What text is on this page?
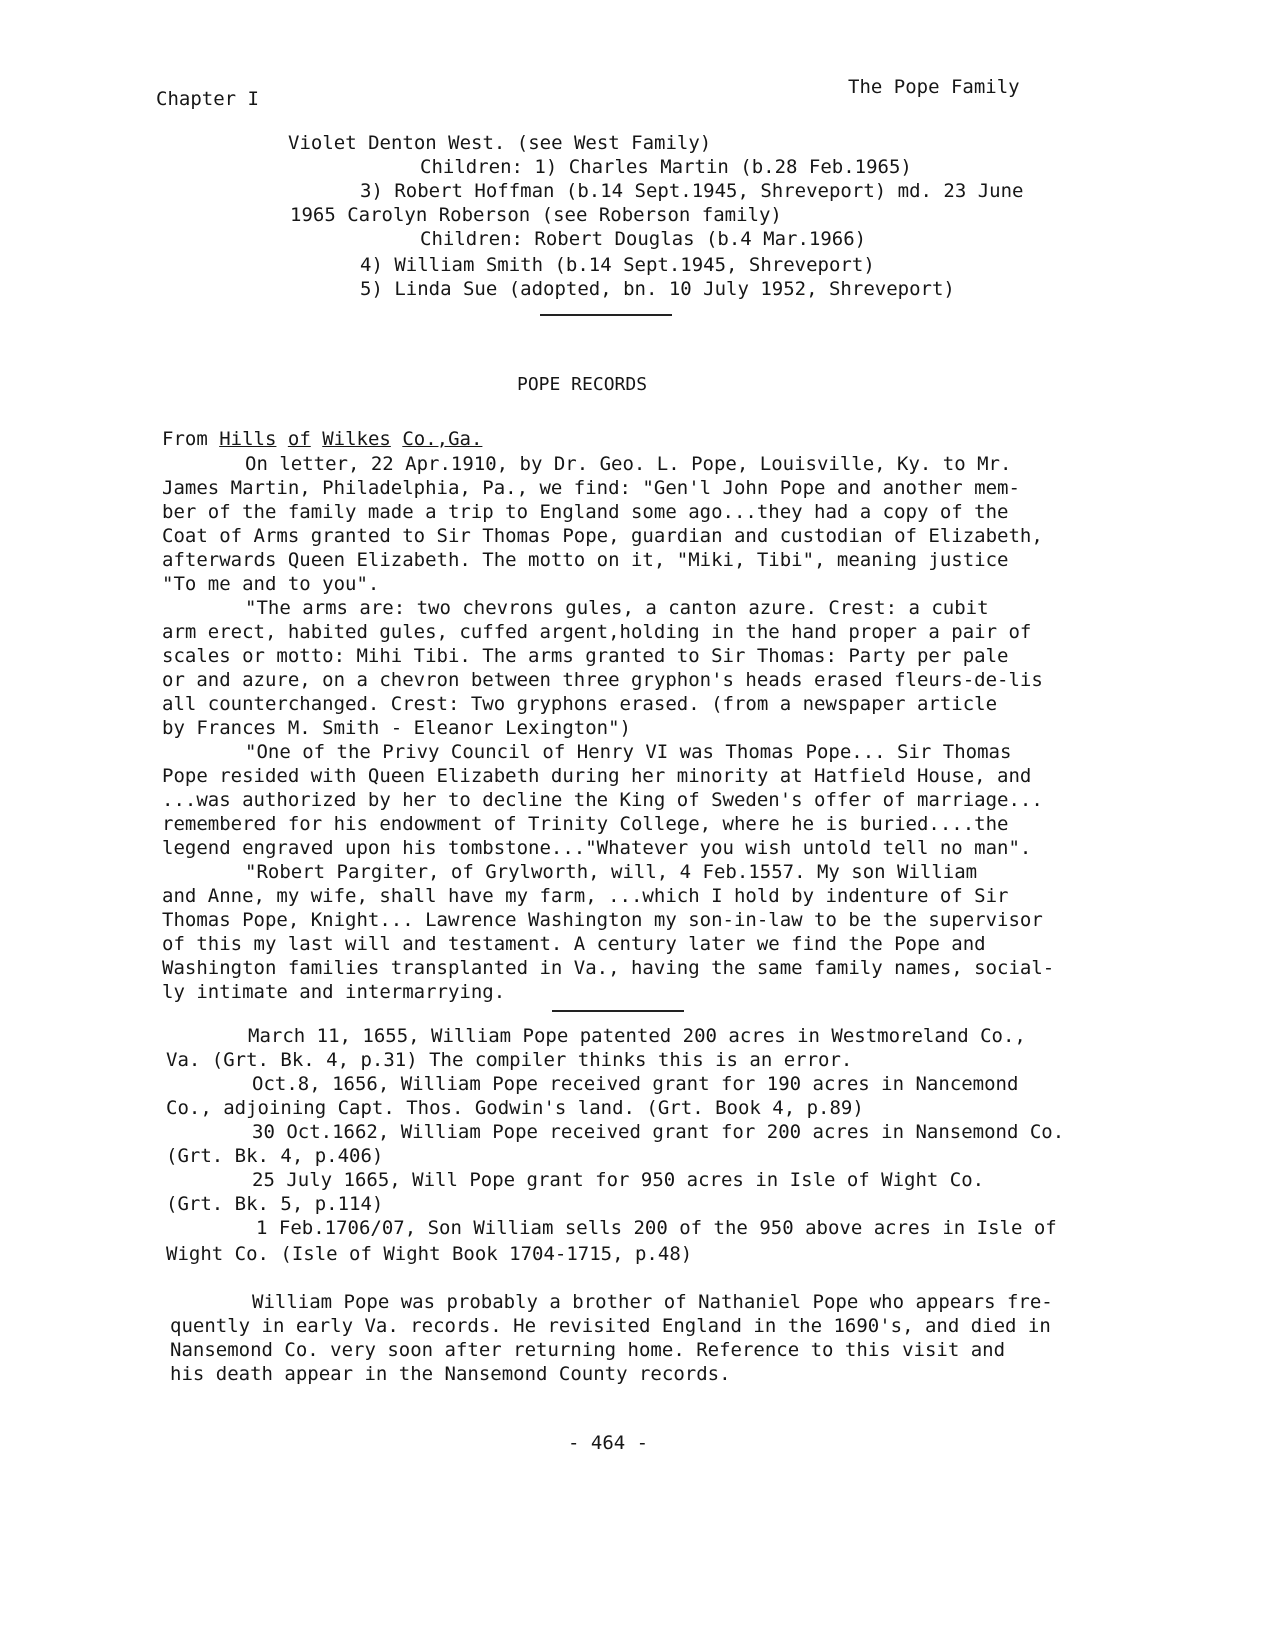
Chapter I
The Pope Family
Violet Denton West. (see West Family)
Children: 1) Charles Martin (b.28 Feb.1965)
3) Robert Hoffman (b.14 Sept.1945, Shreveport) md. 23 June
1965 Carolyn Roberson (see Roberson family)
Children: Robert Douglas (b.4 Mar.1966)
4) William Smith (b.14 Sept.1945, Shreveport)
5) Linda Sue (adopted, bn. 10 July 1952, Shreveport)
POPE RECORDS
From Hills of Wilkes Co.,Ga.
On letter, 22 Apr.1910, by Dr. Geo. L. Pope, Louisville, Ky. to Mr.
James Martin, Philadelphia, Pa., we find: "Gen'l John Pope and another mem-
ber of the family made a trip to England some ago...they had a copy of the
Coat of Arms granted to Sir Thomas Pope, guardian and custodian of Elizabeth,
afterwards Queen Elizabeth. The motto on it, "Miki, Tibi", meaning justice
"To me and to you".
"The arms are: two chevrons gules, a canton azure. Crest: a cubit
arm erect, habited gules, cuffed argent,holding in the hand proper a pair of
scales or motto: Mihi Tibi. The arms granted to Sir Thomas: Party per pale
or and azure, on a chevron between three gryphon's heads erased fleurs-de-lis
all counterchanged. Crest: Two gryphons erased. (from a newspaper article
by Frances M. Smith - Eleanor Lexington")
"One of the Privy Council of Henry VI was Thomas Pope... Sir Thomas
Pope resided with Queen Elizabeth during her minority at Hatfield House, and
...was authorized by her to decline the King of Sweden's offer of marriage...
remembered for his endowment of Trinity College, where he is buried....the
legend engraved upon his tombstone..."Whatever you wish untold tell no man".
"Robert Pargiter, of Grylworth, will, 4 Feb.1557. My son William
and Anne, my wife, shall have my farm, ...which I hold by indenture of Sir
Thomas Pope, Knight... Lawrence Washington my son-in-law to be the supervisor
of this my last will and testament. A century later we find the Pope and
Washington families transplanted in Va., having the same family names, social-
ly intimate and intermarrying.
March 11, 1655, William Pope patented 200 acres in Westmoreland Co.,
Va. (Grt. Bk. 4, p.31) The compiler thinks this is an error.
Oct.8, 1656, William Pope received grant for 190 acres in Nancemond
Co., adjoining Capt. Thos. Godwin's land. (Grt. Book 4, p.89)
30 Oct.1662, William Pope received grant for 200 acres in Nansemond Co.
(Grt. Bk. 4, p.406)
25 July 1665, Will Pope grant for 950 acres in Isle of Wight Co.
(Grt. Bk. 5, p.114)
1 Feb.1706/07, Son William sells 200 of the 950 above acres in Isle of
Wight Co. (Isle of Wight Book 1704-1715, p.48)
William Pope was probably a brother of Nathaniel Pope who appears fre-
quently in early Va. records. He revisited England in the 1690's, and died in
Nansemond Co. very soon after returning home. Reference to this visit and
his death appear in the Nansemond County records.
- 464 -
